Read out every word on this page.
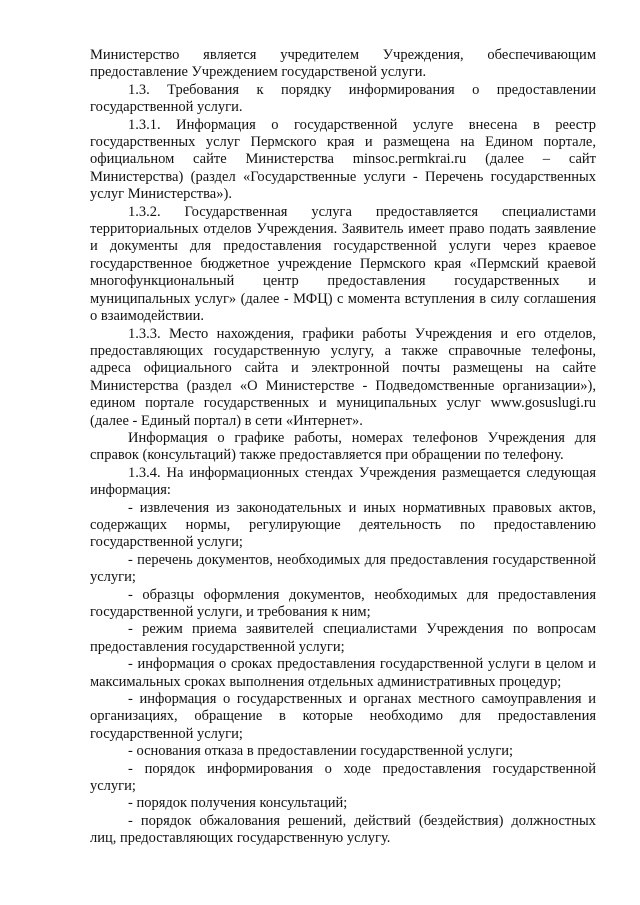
Министерство является учредителем Учреждения, обеспечивающим предоставление Учреждением государственой услуги.

1.3. Требования к порядку информирования о предоставлении государственной услуги.

1.3.1. Информация о государственной услуге внесена в реестр государственных услуг Пермского края и размещена на Едином портале, официальном сайте Министерства minsoc.permkrai.ru (далее – сайт Министерства) (раздел «Государственные услуги - Перечень государственных услуг Министерства»).

1.3.2. Государственная услуга предоставляется специалистами территориальных отделов Учреждения. Заявитель имеет право подать заявление и документы для предоставления государственной услуги через краевое государственное бюджетное учреждение Пермского края «Пермский краевой многофункциональный центр предоставления государственных и муниципальных услуг» (далее - МФЦ) с момента вступления в силу соглашения о взаимодействии.

1.3.3. Место нахождения, графики работы Учреждения и его отделов, предоставляющих государственную услугу, а также справочные телефоны, адреса официального сайта и электронной почты размещены на сайте Министерства (раздел «О Министерстве - Подведомственные организации»), едином портале государственных и муниципальных услуг www.gosuslugi.ru (далее - Единый портал) в сети «Интернет».

Информация о графике работы, номерах телефонов Учреждения для справок (консультаций) также предоставляется при обращении по телефону.

1.3.4. На информационных стендах Учреждения размещается следующая информация:

- извлечения из законодательных и иных нормативных правовых актов, содержащих нормы, регулирующие деятельность по предоставлению государственной услуги;

- перечень документов, необходимых для предоставления государственной услуги;

- образцы оформления документов, необходимых для предоставления государственной услуги, и требования к ним;

- режим приема заявителей специалистами Учреждения по вопросам предоставления государственной услуги;

- информация о сроках предоставления государственной услуги в целом и максимальных сроках выполнения отдельных административных процедур;

- информация о государственных и органах местного самоуправления и организациях, обращение в которые необходимо для предоставления государственной услуги;

- основания отказа в предоставлении государственной услуги;

- порядок информирования о ходе предоставления государственной услуги;

- порядок получения консультаций;

- порядок обжалования решений, действий (бездействия) должностных лиц, предоставляющих государственную услугу.
